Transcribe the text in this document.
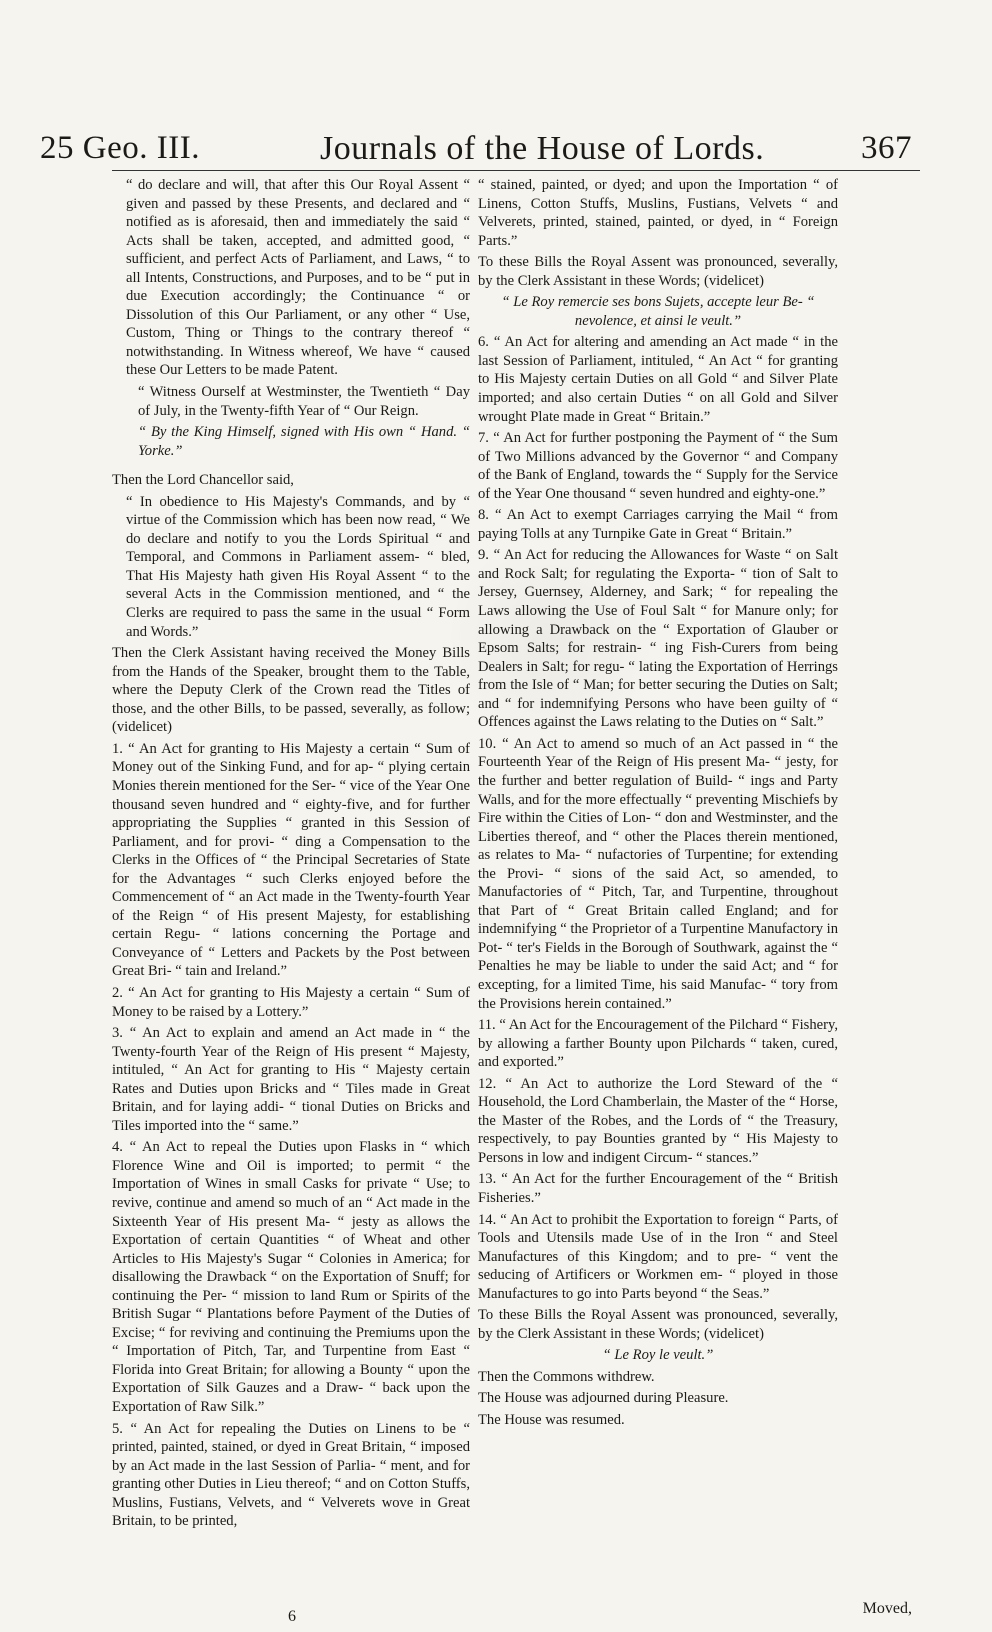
25 Geo. III.	Journals of the House of Lords.	367

“ do declare and will, that after this Our Royal Assent “ given and passed by these Presents, and declared and “ notified as is aforesaid, then and immediately the said “ Acts shall be taken, accepted, and admitted good, “ sufficient, and perfect Acts of Parliament, and Laws, “ to all Intents, Constructions, and Purposes, and to be “ put in due Execution accordingly; the Continuance “ or Dissolution of this Our Parliament, or any other “ Use, Custom, Thing or Things to the contrary thereof “ notwithstanding. In Witness whereof, We have “ caused these Our Letters to be made Patent.

“ Witness Ourself at Westminster, the Twentieth “ Day of July, in the Twenty-fifth Year of “ Our Reign.

“ By the King Himself, signed with His own “ Hand. “ Yorke.”

Then the Lord Chancellor said,

“ In obedience to His Majesty's Commands, and by “ virtue of the Commission which has been now read, “ We do declare and notify to you the Lords Spiritual “ and Temporal, and Commons in Parliament assem- “ bled, That His Majesty hath given His Royal Assent “ to the several Acts in the Commission mentioned, and “ the Clerks are required to pass the same in the usual “ Form and Words.”

Then the Clerk Assistant having received the Money Bills from the Hands of the Speaker, brought them to the Table, where the Deputy Clerk of the Crown read the Titles of those, and the other Bills, to be passed, severally, as follow; (videlicet)

1. “ An Act for granting to His Majesty a certain “ Sum of Money out of the Sinking Fund, and for ap- “ plying certain Monies therein mentioned for the Ser- “ vice of the Year One thousand seven hundred and “ eighty-five, and for further appropriating the Supplies “ granted in this Session of Parliament, and for provi- “ ding a Compensation to the Clerks in the Offices of “ the Principal Secretaries of State for the Advantages “ such Clerks enjoyed before the Commencement of “ an Act made in the Twenty-fourth Year of the Reign “ of His present Majesty, for establishing certain Regu- “ lations concerning the Portage and Conveyance of “ Letters and Packets by the Post between Great Bri- “ tain and Ireland.”

2. “ An Act for granting to His Majesty a certain “ Sum of Money to be raised by a Lottery.”

3. “ An Act to explain and amend an Act made in “ the Twenty-fourth Year of the Reign of His present “ Majesty, intituled, “ An Act for granting to His “ Majesty certain Rates and Duties upon Bricks and “ Tiles made in Great Britain, and for laying addi- “ tional Duties on Bricks and Tiles imported into the “ same.”

4. “ An Act to repeal the Duties upon Flasks in “ which Florence Wine and Oil is imported; to permit “ the Importation of Wines in small Casks for private “ Use; to revive, continue and amend so much of an “ Act made in the Sixteenth Year of His present Ma- “ jesty as allows the Exportation of certain Quantities “ of Wheat and other Articles to His Majesty's Sugar “ Colonies in America; for disallowing the Drawback “ on the Exportation of Snuff; for continuing the Per- “ mission to land Rum or Spirits of the British Sugar “ Plantations before Payment of the Duties of Excise; “ for reviving and continuing the Premiums upon the “ Importation of Pitch, Tar, and Turpentine from East “ Florida into Great Britain; for allowing a Bounty “ upon the Exportation of Silk Gauzes and a Draw- “ back upon the Exportation of Raw Silk.”

5. “ An Act for repealing the Duties on Linens to be “ printed, painted, stained, or dyed in Great Britain, “ imposed by an Act made in the last Session of Parlia- “ ment, and for granting other Duties in Lieu thereof; “ and on Cotton Stuffs, Muslins, Fustians, Velvets, and “ Velverets wove in Great Britain, to be printed,

“ stained, painted, or dyed; and upon the Importation “ of Linens, Cotton Stuffs, Muslins, Fustians, Velvets “ and Velverets, printed, stained, painted, or dyed, in “ Foreign Parts.”

To these Bills the Royal Assent was pronounced, severally, by the Clerk Assistant in these Words; (videlicet)

“ Le Roy remercie ses bons Sujets, accepte leur Be- “ nevolence, et ainsi le veult.”

6. “ An Act for altering and amending an Act made “ in the last Session of Parliament, intituled, “ An Act “ for granting to His Majesty certain Duties on all Gold “ and Silver Plate imported; and also certain Duties “ on all Gold and Silver wrought Plate made in Great “ Britain.”

7. “ An Act for further postponing the Payment of “ the Sum of Two Millions advanced by the Governor “ and Company of the Bank of England, towards the “ Supply for the Service of the Year One thousand “ seven hundred and eighty-one.”

8. “ An Act to exempt Carriages carrying the Mail “ from paying Tolls at any Turnpike Gate in Great “ Britain.”

9. “ An Act for reducing the Allowances for Waste “ on Salt and Rock Salt; for regulating the Exporta- “ tion of Salt to Jersey, Guernsey, Alderney, and Sark; “ for repealing the Laws allowing the Use of Foul Salt “ for Manure only; for allowing a Drawback on the “ Exportation of Glauber or Epsom Salts; for restrain- “ ing Fish-Curers from being Dealers in Salt; for regu- “ lating the Exportation of Herrings from the Isle of “ Man; for better securing the Duties on Salt; and “ for indemnifying Persons who have been guilty of “ Offences against the Laws relating to the Duties on “ Salt.”

10. “ An Act to amend so much of an Act passed in “ the Fourteenth Year of the Reign of His present Ma- “ jesty, for the further and better regulation of Build- “ ings and Party Walls, and for the more effectually “ preventing Mischiefs by Fire within the Cities of Lon- “ don and Westminster, and the Liberties thereof, and “ other the Places therein mentioned, as relates to Ma- “ nufactories of Turpentine; for extending the Provi- “ sions of the said Act, so amended, to Manufactories of “ Pitch, Tar, and Turpentine, throughout that Part of “ Great Britain called England; and for indemnifying “ the Proprietor of a Turpentine Manufactory in Pot- “ ter's Fields in the Borough of Southwark, against the “ Penalties he may be liable to under the said Act; and “ for excepting, for a limited Time, his said Manufac- “ tory from the Provisions herein contained.”

11. “ An Act for the Encouragement of the Pilchard “ Fishery, by allowing a farther Bounty upon Pilchards “ taken, cured, and exported.”

12. “ An Act to authorize the Lord Steward of the “ Household, the Lord Chamberlain, the Master of the “ Horse, the Master of the Robes, and the Lords of “ the Treasury, respectively, to pay Bounties granted by “ His Majesty to Persons in low and indigent Circum- “ stances.”

13. “ An Act for the further Encouragement of the “ British Fisheries.”

14. “ An Act to prohibit the Exportation to foreign “ Parts, of Tools and Utensils made Use of in the Iron “ and Steel Manufactures of this Kingdom; and to pre- “ vent the seducing of Artificers or Workmen em- “ ployed in those Manufactures to go into Parts beyond “ the Seas.”

To these Bills the Royal Assent was pronounced, severally, by the Clerk Assistant in these Words; (videlicet)

“ Le Roy le veult.”

Then the Commons withdrew.

The House was adjourned during Pleasure.

The House was resumed.

6	Moved,
